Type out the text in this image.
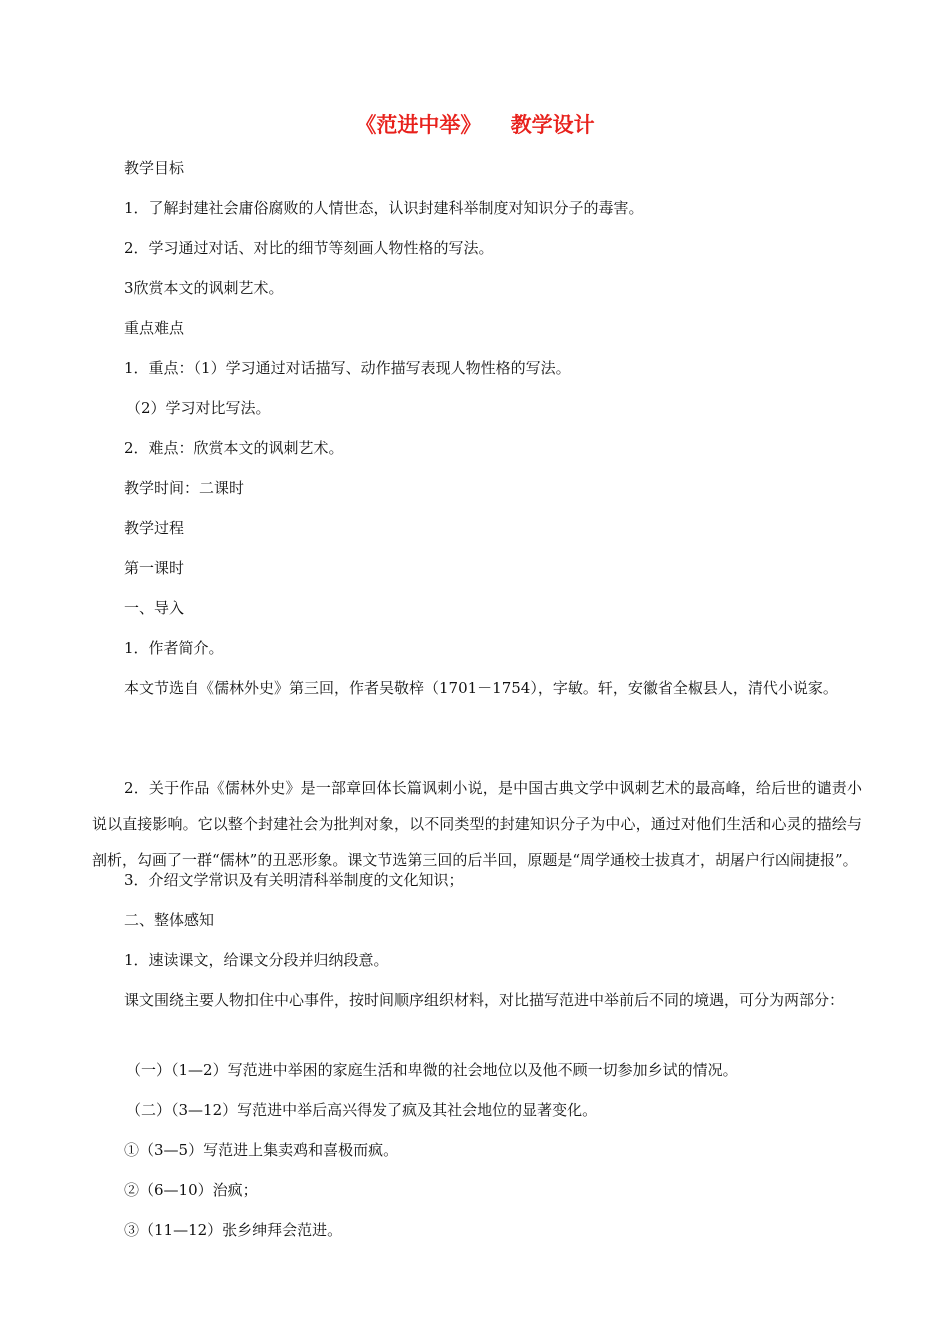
《范进中举》    教学设计
教学目标
1．了解封建社会庸俗腐败的人情世态，认识封建科举制度对知识分子的毒害。
2．学习通过对话、对比的细节等刻画人物性格的写法。
3欣赏本文的讽刺艺术。
重点难点
1．重点：（1）学习通过对话描写、动作描写表现人物性格的写法。
（2）学习对比写法。
2．难点：欣赏本文的讽刺艺术。
教学时间：二课时
教学过程
第一课时
一、导入
1．作者简介。
本文节选自《儒林外史》第三回，作者吴敬梓（1701－1754），字敏。轩，安徽省全椒县人，清代小说家。
2．关于作品《儒林外史》是一部章回体长篇讽刺小说，是中国古典文学中讽刺艺术的最高峰，给后世的谴责小说以直接影响。它以整个封建社会为批判对象，以不同类型的封建知识分子为中心，通过对他们生活和心灵的描绘与剖析，勾画了一群“儒林”的丑恶形象。课文节选第三回的后半回，原题是“周学通校士拔真才，胡屠户行凶闹捷报”。
3．介绍文学常识及有关明清科举制度的文化知识；
二、整体感知
1．速读课文，给课文分段并归纳段意。
课文围绕主要人物扣住中心事件，按时间顺序组织材料，对比描写范进中举前后不同的境遇，可分为两部分：
（一）（1—2）写范进中举困的家庭生活和卑微的社会地位以及他不顾一切参加乡试的情况。
（二）（3—12）写范进中举后高兴得发了疯及其社会地位的显著变化。
①（3—5）写范进上集卖鸡和喜极而疯。
②（6—10）治疯；
③（11—12）张乡绅拜会范进。
